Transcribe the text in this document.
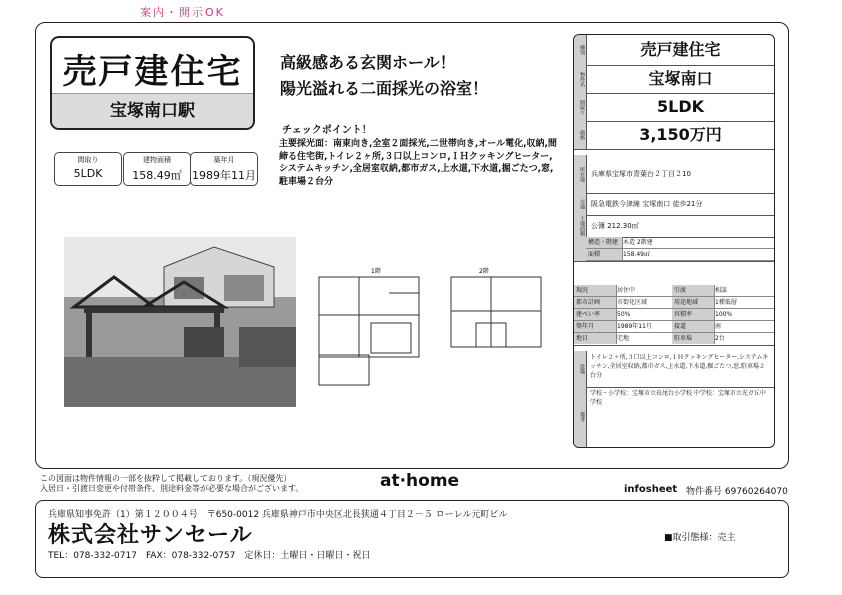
案内・開示OK
売戸建住宅
宝塚南口駅
高級感ある玄関ホール！
陽光溢れる二面採光の浴室！
チェックポイント！
主要採光面：南東向き,全室２面採光,二世帯向き,オール電化,収納,間締る住宅街,トイレ２ヶ所,３口以上コンロ,ＩＨクッキングヒーター,システムキッチン,全居室収納,都市ガス,上水道,下水道,掘ごたつ,窓,駐車場２台分
間取り
5LDK
建物面積
158.49㎡
築年月
1989年11月
1階	2階
種別	売戸建住宅
物件名	宝塚南口
間取り	5LDK
価格	3,150万円
所在地 兵庫県宝塚市青葉台２丁目２10
交通 阪急電鉄今津線 宝塚南口 徒歩21分
土地面積 公簿 212.30㎡
構造・階建 木造 2階建
面積	158.49㎡
現況	居住中	引渡	相談
都市計画	市街化区域	用途地域	1種低層
建ぺい率	50%	容積率	100%
築年月	1989年11月	接道	南
地目	宅地	駐車場	2台
設備
トイレ２ヶ所,３口以上コンロ,ＩＨクッキングヒーター,システムキッチン,全居室収納,都市ガス,上水道,下水道,掘ごたつ,窓,駐車場２台分
備考
学校・小学校：宝塚市立長尾台小学校 中学校：宝塚市立光ガ丘中学校
この図面は物件情報の一部を抜粋して掲載しております。（現況優先）
入居日・引渡日変更や付帯条件、別途料金等が必要な場合がございます。	at·home	infosheet 物件番号 6976026407​0
兵庫県知事免許（1）第１２００４号　〒650-0012 兵庫県神戸市中央区北長狭通４丁目２－５ ローレル元町ビル
株式会社サンセール
TEL：078-332-0717　FAX：078-332-0757　定休日：土曜日・日曜日・祝日
■取引態様：売主
